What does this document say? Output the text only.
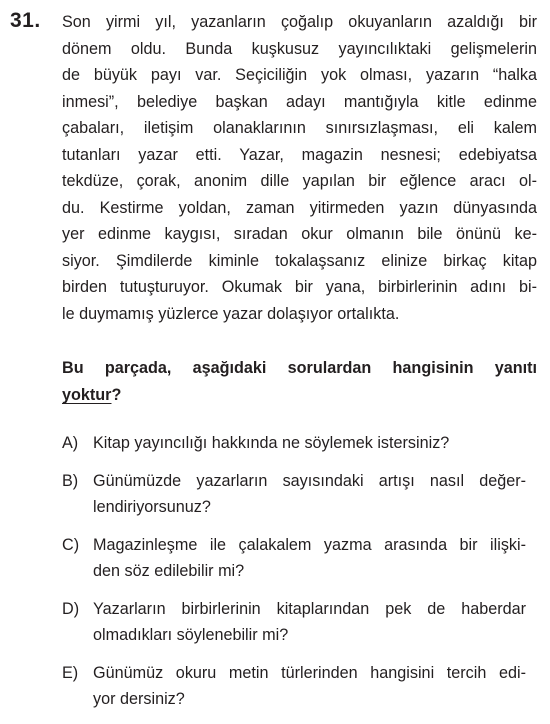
31. Son yirmi yıl, yazanların çoğalıp okuyanların azaldığı bir
dönem oldu. Bunda kuşkusuz yayıncılıktaki gelişmelerin
de büyük payı var. Seçiciliğin yok olması, yazarın “halka
inmesi”, belediye başkan adayı mantığıyla kitle edinme
çabaları, iletişim olanaklarının sınırsızlaşması, eli kalem
tutanları yazar etti. Yazar, magazin nesnesi; edebiyatsa
tekdüze, çorak, anonim dille yapılan bir eğlence aracı ol-
du. Kestirme yoldan, zaman yitirmeden yazın dünyasında
yer edinme kaygısı, sıradan okur olmanın bile önünü ke-
siyor. Şimdilerde kiminle tokalaşsanız elinize birkaç kitap
birden tutuşturuyor. Okumak bir yana, birbirlerinin adını bi-
le duymamış yüzlerce yazar dolaşıyor ortalıkta.
Bu parçada, aşağıdaki sorulardan hangisinin yanıtı
yoktur?
A) Kitap yayıncılığı hakkında ne söylemek istersiniz?
B) Günümüzde yazarların sayısındaki artışı nasıl değer-
lendiriyorsunuz?
C) Magazinleşme ile çalakalem yazma arasında bir ilişki-
den söz edilebilir mi?
D) Yazarların birbirlerinin kitaplarından pek de haberdar
olmadıkları söylenebilir mi?
E) Günümüz okuru metin türlerinden hangisini tercih edi-
yor dersiniz?
